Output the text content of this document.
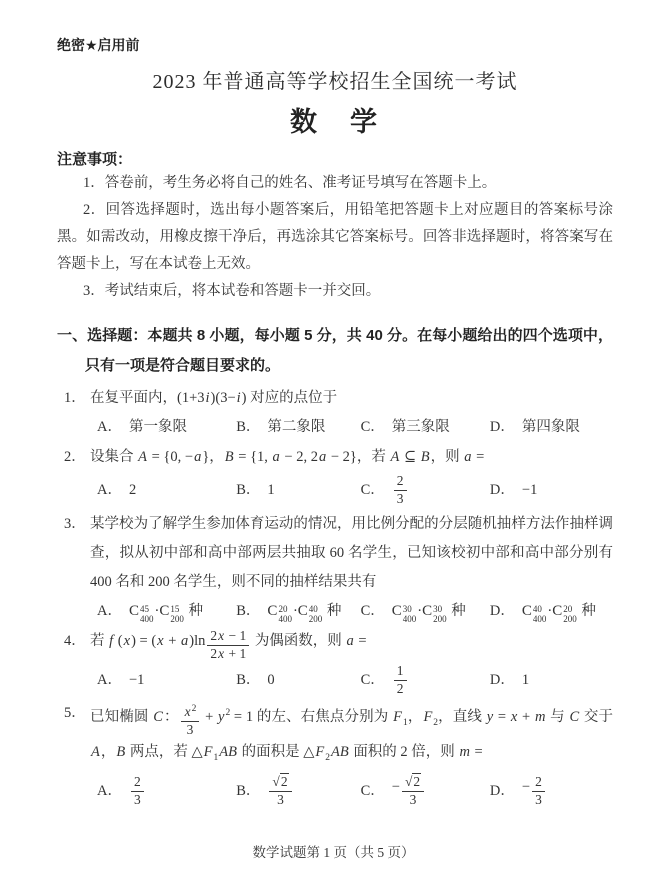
绝密★启用前
2023 年普通高等学校招生全国统一考试
数　学
注意事项：

1．答卷前，考生务必将自己的姓名、准考证号填写在答题卡上。

2．回答选择题时，选出每小题答案后，用铅笔把答题卡上对应题目的答案标号涂黑。如需改动，用橡皮擦干净后，再选涂其它答案标号。回答非选择题时，将答案写在答题卡上，写在本试卷上无效。

3．考试结束后，将本试卷和答题卡一并交回。

一、选择题：本题共 8 小题，每小题 5 分，共 40 分。在每小题给出的四个选项中，只有一项是符合题目要求的。
1． 在复平面内，(1+3i)(3−i) 对应的点位于
A． 第一象限	B． 第二象限 C． 第三象限	D． 第四象限
2． 设集合 A = {0, −a}，B = {1, a − 2, 2a − 2}，若 A ⊆ B，则 a =
A． 2	B． 1	C． $\frac{2}{3}$	D． −1
3． 某学校为了解学生参加体育运动的情况，用比例分配的分层随机抽样方法作抽样调查，拟从初中部和高中部两层共抽取 60 名学生，已知该校初中部和高中部分别有 400 名和 200 名学生，则不同的抽样结果共有
A． C 45
400 ·C 15
200 种 B． C 20
400 ·C 40
200 种 C． C 30
400 ·C 30
200 种 D． C 40
400 ·C 20
200 种
4． 若 f $(x) = (x + a)\ln \frac{2x - 1}{2x + 1}$ 为偶函数，则 a =
A． −1	B． 0	C． $\frac{1}{2}$	D． 1
5． 已知椭圆 C： $\frac{x^2}{3} + y^2 = 1$ 的左、右焦点分别为 $F_1$，$F_2$，直线 y = x + m 与 C 交于 A，B 两点，若 $\triangle F_1AB$ 的面积是 $\triangle F_2AB$ 面积的 2 倍，则 m =
A． $\frac{2}{3}$	B． $\frac{√2}{3}$	C． − $\frac{√2}{3}$	D． − $\frac{2}{3}$
数学试题第 1 页（共 5 页）
